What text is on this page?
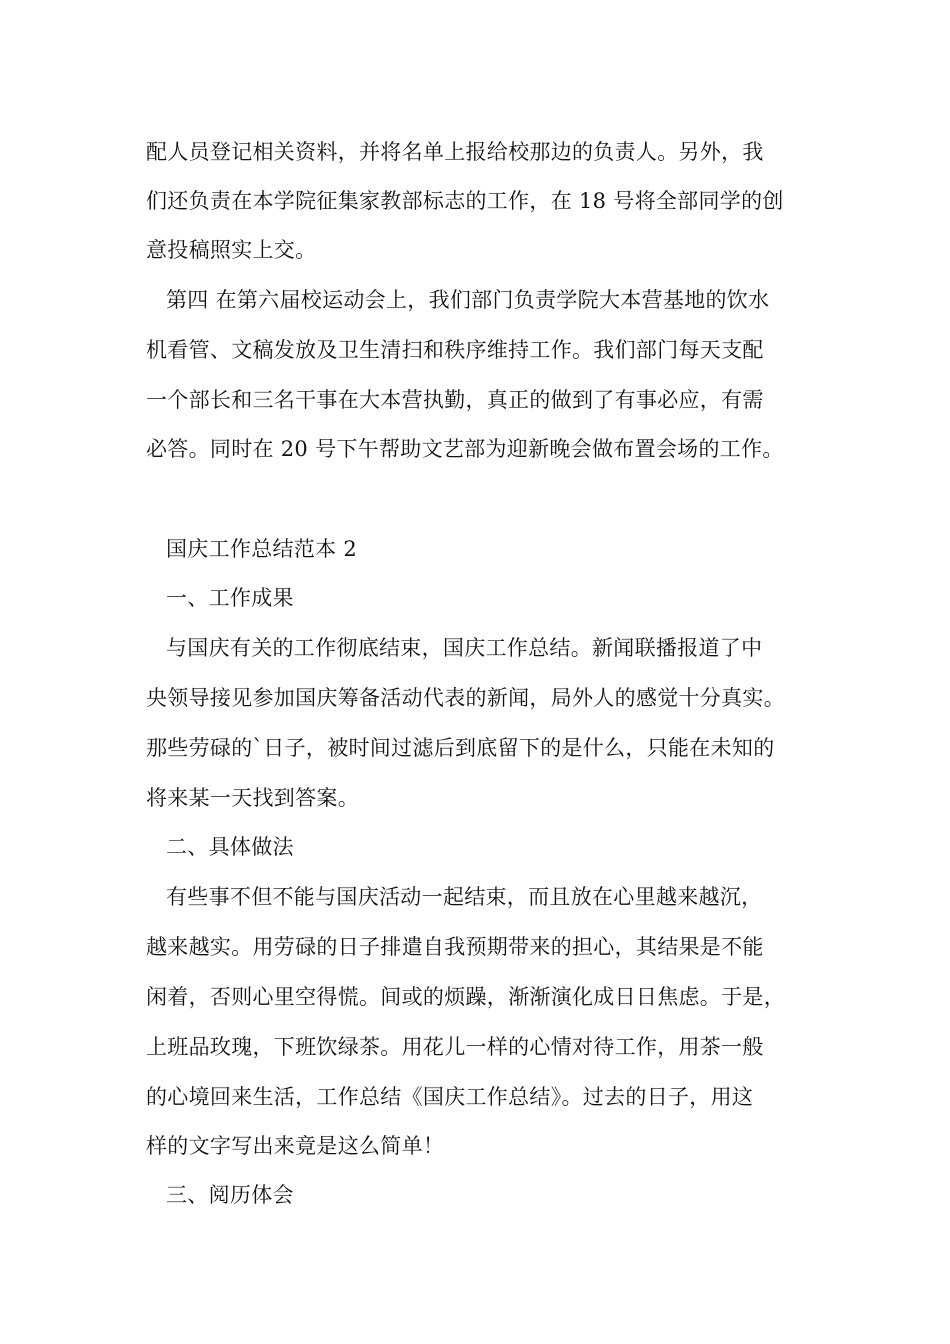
配人员登记相关资料，并将名单上报给校那边的负责人。另外，我
们还负责在本学院征集家教部标志的工作，在 18 号将全部同学的创
意投稿照实上交。
第四 在第六届校运动会上，我们部门负责学院大本营基地的饮水
机看管、文稿发放及卫生清扫和秩序维持工作。我们部门每天支配
一个部长和三名干事在大本营执勤，真正的做到了有事必应，有需
必答。同时在 20 号下午帮助文艺部为迎新晚会做布置会场的工作。
国庆工作总结范本 2
一、工作成果
与国庆有关的工作彻底结束，国庆工作总结。新闻联播报道了中
央领导接见参加国庆筹备活动代表的新闻，局外人的感觉十分真实。
那些劳碌的`日子，被时间过滤后到底留下的是什么，只能在未知的
将来某一天找到答案。
二、具体做法
有些事不但不能与国庆活动一起结束，而且放在心里越来越沉，
越来越实。用劳碌的日子排遣自我预期带来的担心，其结果是不能
闲着，否则心里空得慌。间或的烦躁，渐渐演化成日日焦虑。于是，
上班品玫瑰，下班饮绿茶。用花儿一样的心情对待工作，用茶一般
的心境回来生活，工作总结《国庆工作总结》。过去的日子，用这
样的文字写出来竟是这么简单！
三、阅历体会
